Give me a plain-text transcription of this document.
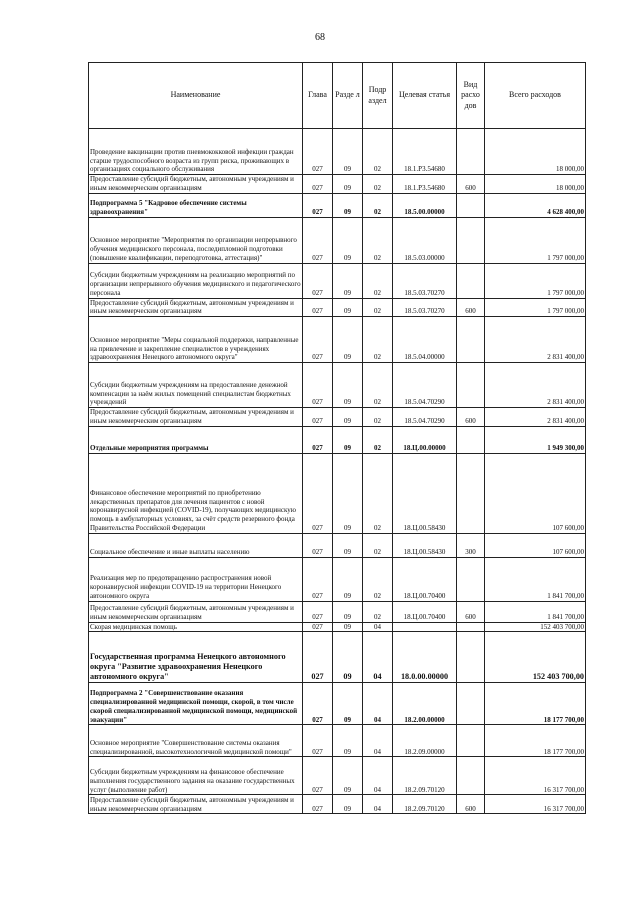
68
Наименование	Глава	Разде л	Подр аздел	Целевая статья	Вид расхо дов	Всего расходов
Проведение вакцинации против пневмококковой инфекции граждан старше трудоспособного возраста из групп риска, проживающих в организациях социального обслуживания	027	09	02	18.1.Р3.54680		18 000,00
Предоставление субсидий бюджетным, автономным учреждениям и иным некоммерческим организациям	027	09	02	18.1.Р3.54680	600	18 000,00
Подпрограмма 5 "Кадровое обеспечение системы здравоохранения"	027	09	02	18.5.00.00000		4 628 400,00
Основное мероприятие "Мероприятия по организации непрерывного обучения медицинского персонала, последипломной подготовки (повышение квалификации, переподготовка, аттестация)"	027	09	02	18.5.03.00000		1 797 000,00
Субсидии бюджетным учреждениям на реализацию мероприятий по организации непрерывного обучения медицинского и педагогического персонала	027	09	02	18.5.03.70270		1 797 000,00
Предоставление субсидий бюджетным, автономным учреждениям и иным некоммерческим организациям	027	09	02	18.5.03.70270	600	1 797 000,00
Основное мероприятие "Меры социальной поддержки, направленные на привлечение и закрепление специалистов в учреждениях здравоохранения Ненецкого автономного округа"	027	09	02	18.5.04.00000		2 831 400,00
Субсидии бюджетным учреждениям на предоставление денежной компенсации за наём жилых помещений специалистам бюджетных учреждений	027	09	02	18.5.04.70290		2 831 400,00
Предоставление субсидий бюджетным, автономным учреждениям и иным некоммерческим организациям	027	09	02	18.5.04.70290	600	2 831 400,00
Отдельные мероприятия программы	027	09	02	18.Ц.00.00000		1 949 300,00
Финансовое обеспечение мероприятий по приобретению лекарственных препаратов для лечения пациентов с новой коронавирусной инфекцией (COVID-19), получающих медицинскую помощь в амбулаторных условиях, за счёт средств резервного фонда Правительства Российской Федерации	027	09	02	18.Ц.00.58430		107 600,00
Социальное обеспечение и иные выплаты населению	027	09	02	18.Ц.00.58430	300	107 600,00
Реализация мер по предотвращению распространения новой коронавирусной инфекции COVID-19 на территории Ненецкого автономного округа	027	09	02	18.Ц.00.70400		1 841 700,00
Предоставление субсидий бюджетным, автономным учреждениям и иным некоммерческим организациям	027	09	02	18.Ц.00.70400	600	1 841 700,00
Скорая медицинская помощь	027	09	04			152 403 700,00
Государственная программа Ненецкого автономного округа "Развитие здравоохранения Ненецкого автономного округа"	027	09	04	18.0.00.00000		152 403 700,00
Подпрограмма 2 "Совершенствование оказания специализированной медицинской помощи, скорой, в том числе скорой специализированной медицинской помощи, медицинской эвакуации"	027	09	04	18.2.00.00000		18 177 700,00
Основное мероприятие "Совершенствование системы оказания специализированной, высокотехнологичной медицинской помощи"	027	09	04	18.2.09.00000		18 177 700,00
Субсидии бюджетным учреждениям на финансовое обеспечение выполнения государственного задания на оказание государственных услуг (выполнение работ)	027	09	04	18.2.09.70120		16 317 700,00
Предоставление субсидий бюджетным, автономным учреждениям и иным некоммерческим организациям	027	09	04	18.2.09.70120	600	16 317 700,00
